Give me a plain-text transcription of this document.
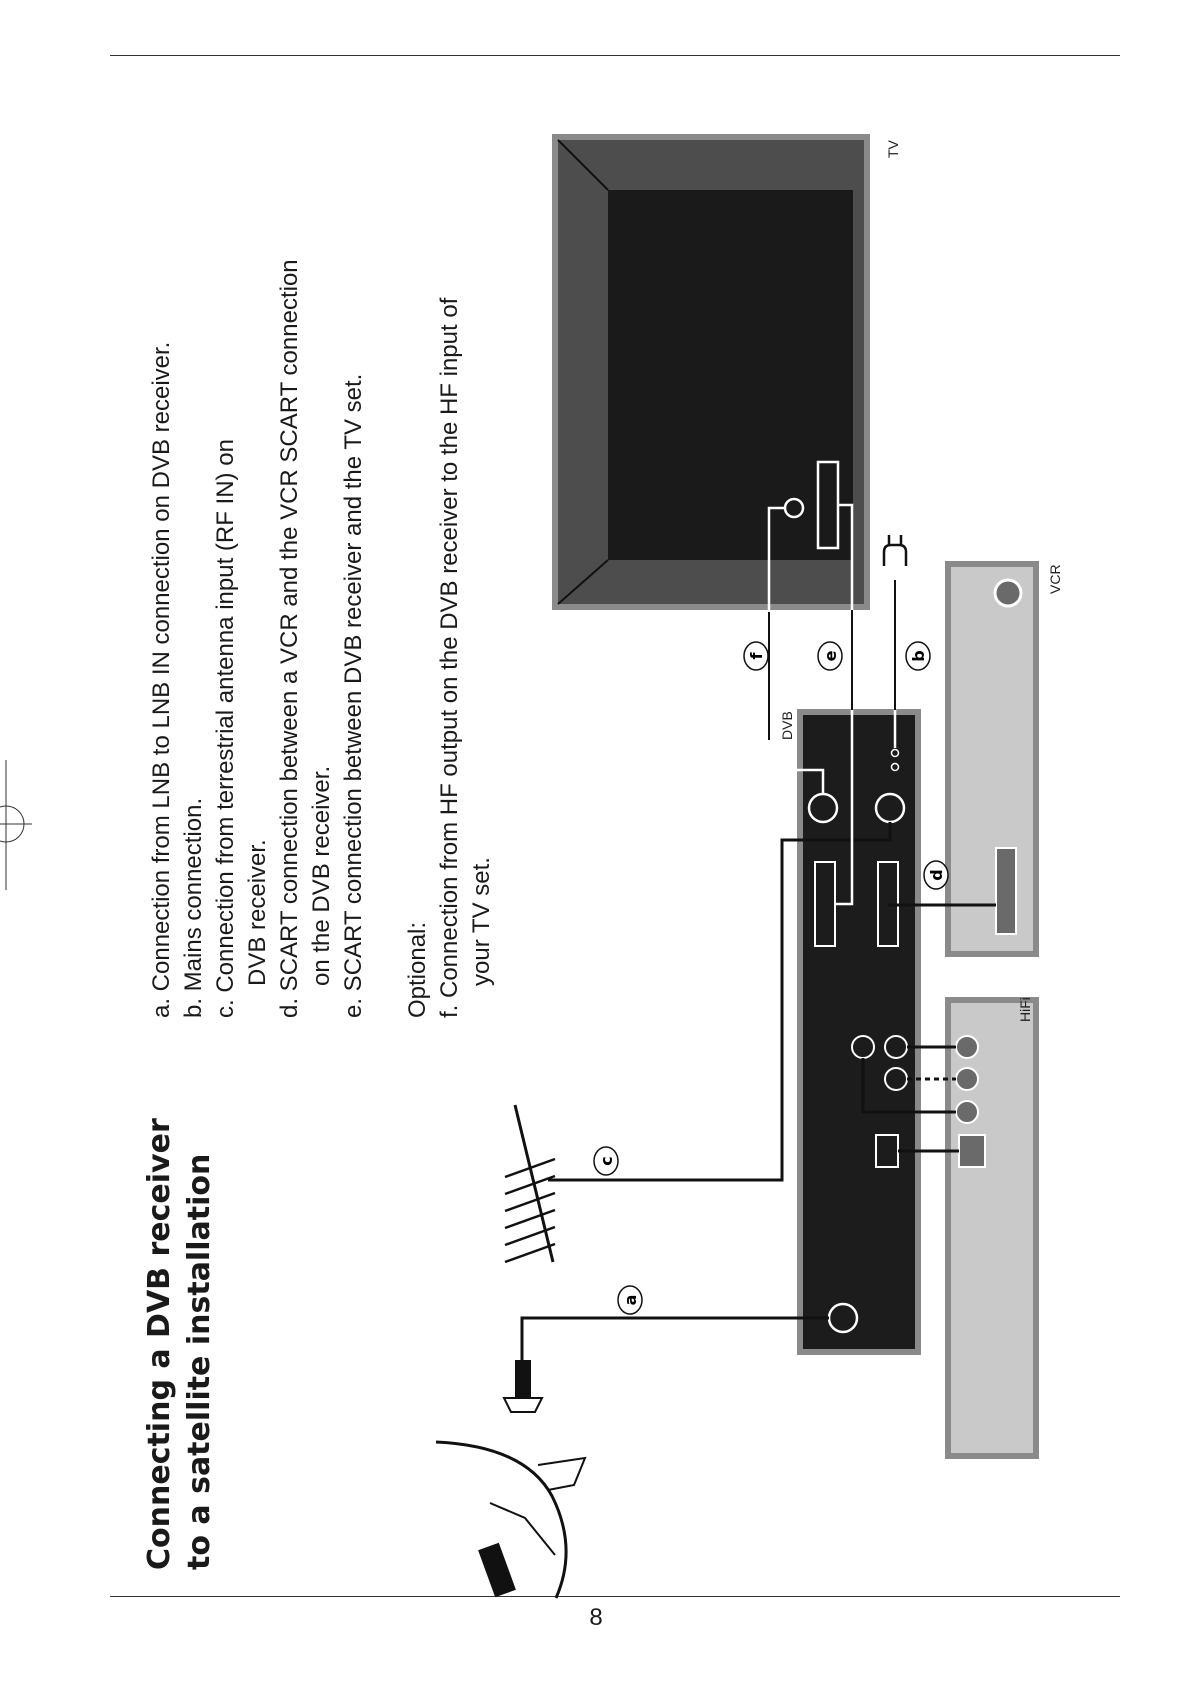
Connecting a DVB receiver to a satellite installation
a. Connection from LNB to LNB IN connection on DVB receiver. b. Mains connection. c. Connection from terrestrial antenna input (RF IN) on DVB receiver. d. SCART connection between a VCR and the VCR SCART connection on the DVB receiver. e. SCART connection between DVB receiver and the TV set. Optional: f. Connection from HF output on the DVB receiver to the HF input of your TV set.
HiFi
VCR
TV
DVB
a
c
d
f	e	b
8
